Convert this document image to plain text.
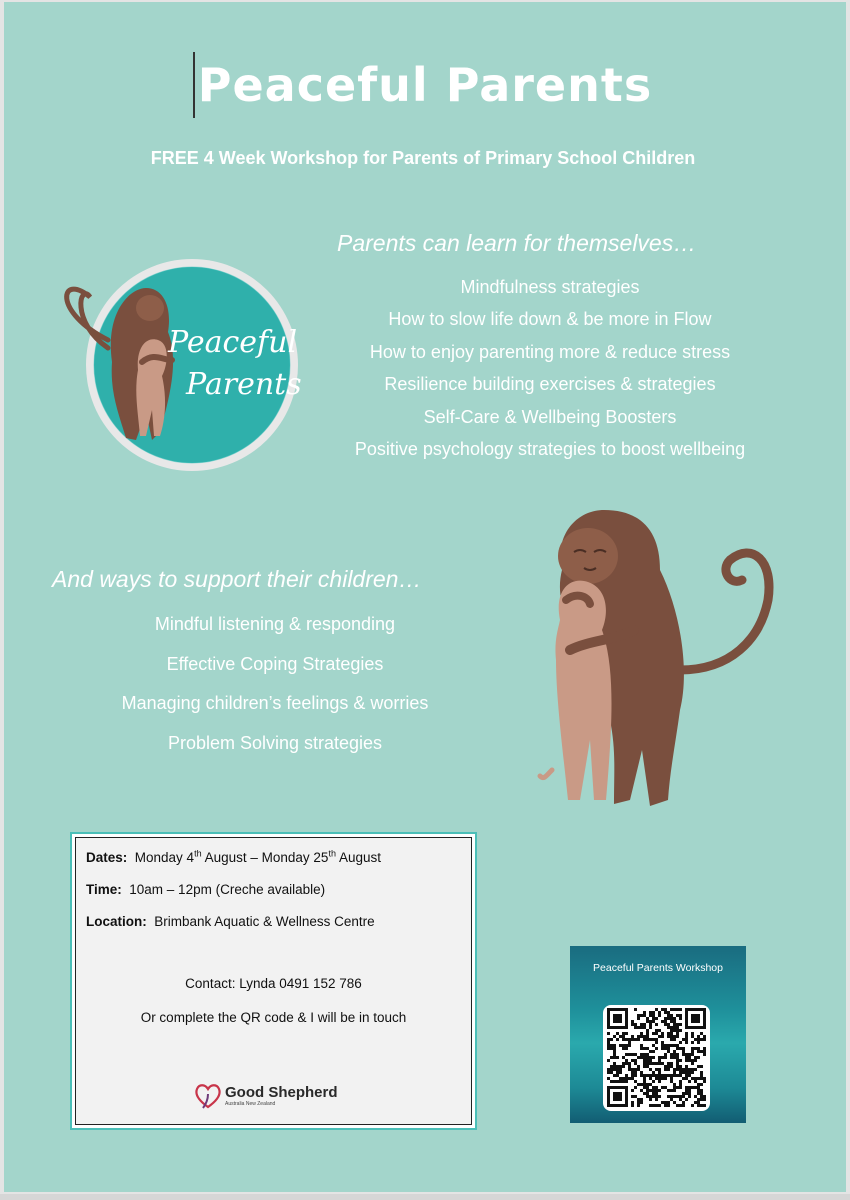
Peaceful Parents
FREE 4 Week Workshop for Parents of Primary School Children
Peaceful
Parents
Parents can learn for themselves…
Mindfulness strategies
How to slow life down & be more in Flow
How to enjoy parenting more & reduce stress
Resilience building exercises & strategies
Self-Care & Wellbeing Boosters
Positive psychology strategies to boost wellbeing
And ways to support their children…
Mindful listening & responding
Effective Coping Strategies
Managing children’s feelings & worries
Problem Solving strategies
Dates: Monday 4th August – Monday 25th August
Time: 10am – 12pm (Creche available)
Location: Brimbank Aquatic & Wellness Centre
Contact: Lynda 0491 152 786
Or complete the QR code & I will be in touch
Good Shepherd
Australia New Zealand
Peaceful Parents Workshop
